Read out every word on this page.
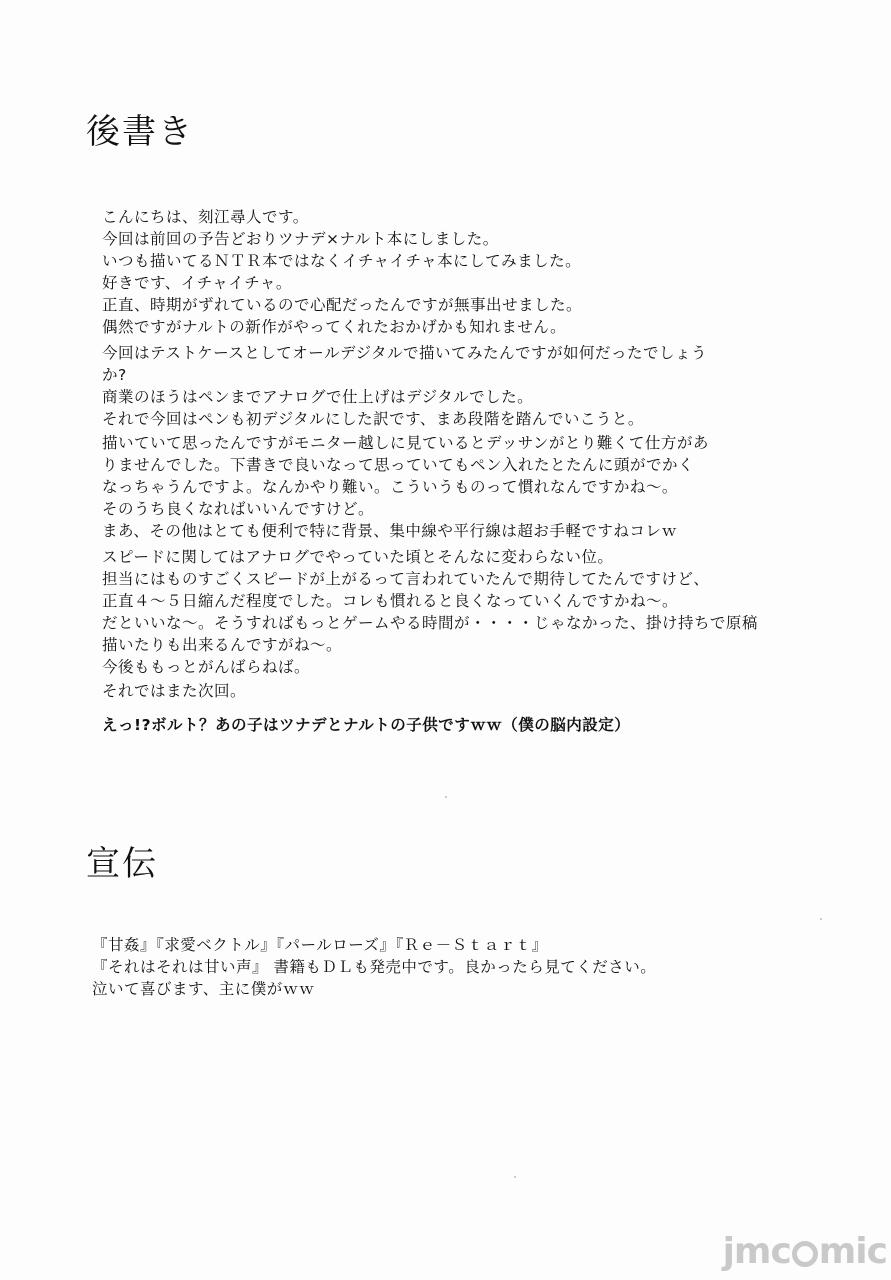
後書き

こんにちは、刻江尋人です。
今回は前回の予告どおりツナデ×ナルト本にしました。
いつも描いてるＮＴＲ本ではなくイチャイチャ本にしてみました。
好きです、イチャイチャ。
正直、時期がずれているので心配だったんですが無事出せました。
偶然ですがナルトの新作がやってくれたおかげかも知れません。

今回はテストケースとしてオールデジタルで描いてみたんですが如何だったでしょう
か?
商業のほうはペンまでアナログで仕上げはデジタルでした。
それで今回はペンも初デジタルにした訳です、まあ段階を踏んでいこうと。

描いていて思ったんですがモニター越しに見ているとデッサンがとり難くて仕方があ
りませんでした。下書きで良いなって思っていてもペン入れたとたんに頭がでかく
なっちゃうんですよ。なんかやり難い。こういうものって慣れなんですかね～。
そのうち良くなればいいんですけど。
まあ、その他はとても便利で特に背景、集中線や平行線は超お手軽ですねコレｗ

スピードに関してはアナログでやっていた頃とそんなに変わらない位。
担当にはものすごくスピードが上がるって言われていたんで期待してたんですけど、
正直４～５日縮んだ程度でした。コレも慣れると良くなっていくんですかね～。
だといいな～。そうすればもっとゲームやる時間が・・・・じゃなかった、掛け持ちで原稿
描いたりも出来るんですがね～。
今後ももっとがんばらねば。

それではまた次回。

えっ!?ボルト？あの子はツナデとナルトの子供ですｗｗ（僕の脳内設定）

宣伝

『甘姦』『求愛ベクトル』『パールローズ』『Ｒｅ－Ｓｔａｒｔ』
『それはそれは甘い声』 書籍もＤＬも発売中です。良かったら見てください。
泣いて喜びます、主に僕がｗｗ

jmc mic
